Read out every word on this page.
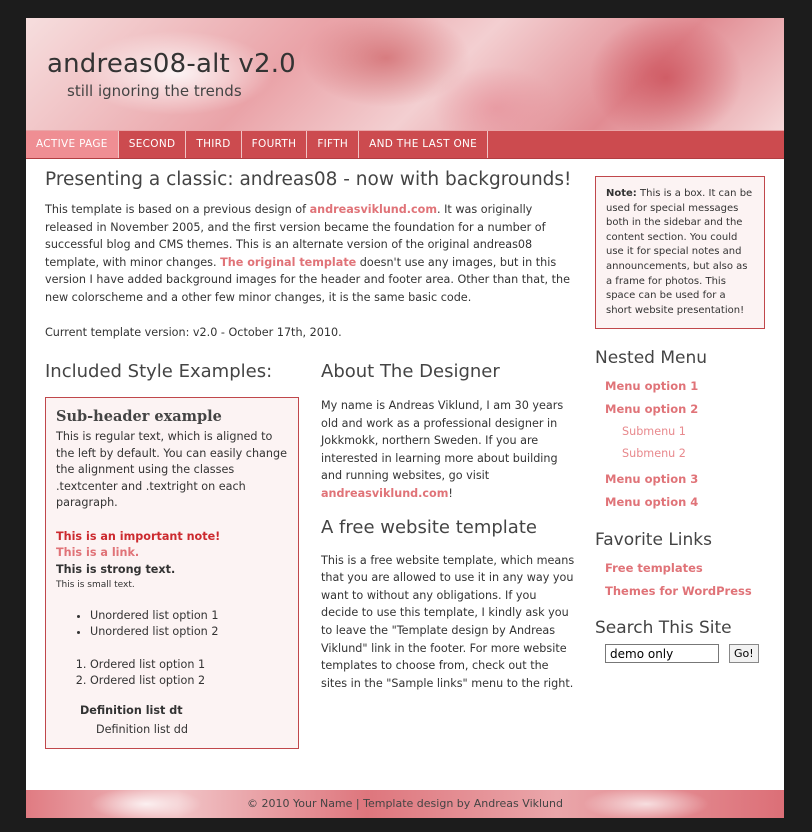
andreas08-alt v2.0
still ignoring the trends
ACTIVE PAGE	SECOND	THIRD	FOURTH	FIFTH	AND THE LAST ONE
Presenting a classic: andreas08 - now with backgrounds!

This template is based on a previous design of andreasviklund.com. It was originally released in November 2005, and the first version became the foundation for a number of successful blog and CMS themes. This is an alternate version of the original andreas08 template, with minor changes. The original template doesn't use any images, but in this version I have added background images for the header and footer area. Other than that, the new colorscheme and a other few minor changes, it is the same basic code.

Current template version: v2.0 - October 17th, 2010.

Included Style Examples:
Sub-header example

This is regular text, which is aligned to the left by default. You can easily change the alignment using the classes .textcenter and .textright on each paragraph.

This is an important note!
This is a link.
This is strong text.
This is small text.
• Unordered list option 1
• Unordered list option 2
1. Ordered list option 1
2. Ordered list option 2
Definition list dt
Definition list dd
About The Designer

My name is Andreas Viklund, I am 30 years old and work as a professional designer in Jokkmokk, northern Sweden. If you are interested in learning more about building and running websites, go visit andreasviklund.com!

A free website template

This is a free website template, which means that you are allowed to use it in any way you want to without any obligations. If you decide to use this template, I kindly ask you to leave the "Template design by Andreas Viklund" link in the footer. For more website templates to choose from, check out the sites in the "Sample links" menu to the right.

Note: This is a box. It can be used for special messages both in the sidebar and the content section. You could use it for special notes and announcements, but also as a frame for photos. This space can be used for a short website presentation!
Nested Menu
Menu option 1
Menu option 2
Submenu 1
Submenu 2
Menu option 3
Menu option 4
Favorite Links
Free templates
Themes for WordPress
Search This Site
demo only
Go!
© 2010 Your Name | Template design by Andreas Viklund
